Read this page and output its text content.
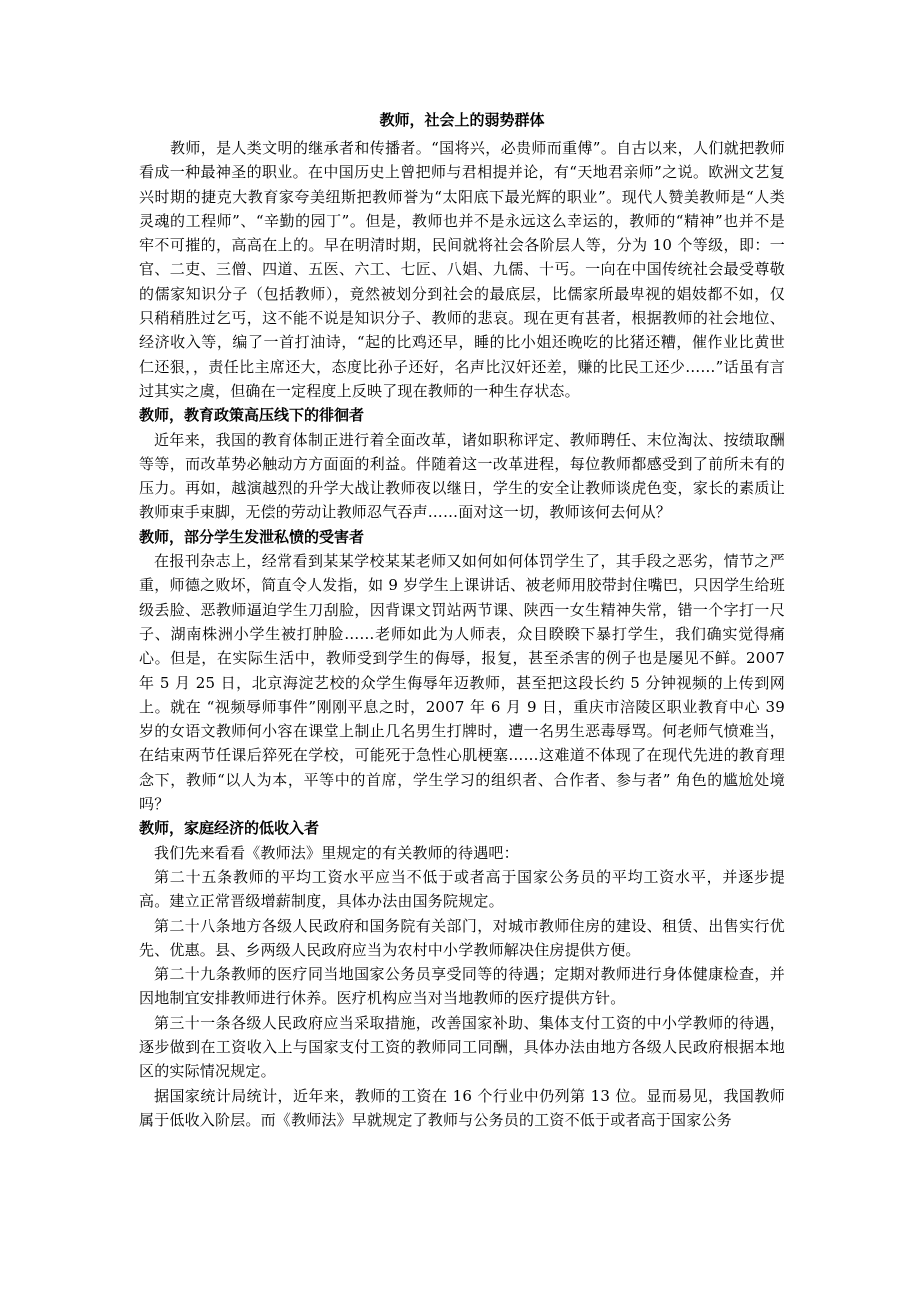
教师，社会上的弱势群体

教师，是人类文明的继承者和传播者。“国将兴，必贵师而重傅”。自古以来，人们就把教师看成一种最神圣的职业。在中国历史上曾把师与君相提并论，有“天地君亲师”之说。欧洲文艺复兴时期的捷克大教育家夸美纽斯把教师誉为“太阳底下最光辉的职业”。现代人赞美教师是“人类灵魂的工程师”、“辛勤的园丁”。但是，教师也并不是永远这么幸运的，教师的“精神”也并不是牢不可摧的，高高在上的。早在明清时期，民间就将社会各阶层人等，分为 10 个等级，即：一官、二吏、三僧、四道、五医、六工、七匠、八娼、九儒、十丐。一向在中国传统社会最受尊敬的儒家知识分子（包括教师），竟然被划分到社会的最底层，比儒家所最卑视的娼妓都不如，仅只稍稍胜过乞丐，这不能不说是知识分子、教师的悲哀。现在更有甚者，根据教师的社会地位、经济收入等，编了一首打油诗，“起的比鸡还早，睡的比小姐还晚吃的比猪还糟，催作业比黄世仁还狠，，责任比主席还大，态度比孙子还好，名声比汉奸还差，赚的比民工还少……”话虽有言过其实之虞，但确在一定程度上反映了现在教师的一种生存状态。

教师，教育政策高压线下的徘徊者

近年来，我国的教育体制正进行着全面改革，诸如职称评定、教师聘任、末位淘汰、按绩取酬等等，而改革势必触动方方面面的利益。伴随着这一改革进程，每位教师都感受到了前所未有的压力。再如，越演越烈的升学大战让教师夜以继日，学生的安全让教师谈虎色变，家长的素质让教师束手束脚，无偿的劳动让教师忍气吞声……面对这一切，教师该何去何从？

教师，部分学生发泄私愤的受害者

在报刊杂志上，经常看到某某学校某某老师又如何如何体罚学生了，其手段之恶劣，情节之严重，师德之败坏，简直令人发指，如 9 岁学生上课讲话、被老师用胶带封住嘴巴，只因学生给班级丢脸、恶教师逼迫学生刀刮脸，因背课文罚站两节课、陕西一女生精神失常，错一个字打一尺子、湖南株洲小学生被打肿脸……老师如此为人师表，众目睽睽下暴打学生，我们确实觉得痛心。但是，在实际生活中，教师受到学生的侮辱，报复，甚至杀害的例子也是屡见不鲜。2007 年 5 月 25 日，北京海淀艺校的众学生侮辱年迈教师，甚至把这段长约 5 分钟视频的上传到网上。就在 “视频辱师事件”刚刚平息之时，2007 年 6 月 9 日，重庆市涪陵区职业教育中心 39 岁的女语文教师何小容在课堂上制止几名男生打牌时，遭一名男生恶毒辱骂。何老师气愤难当，在结束两节任课后猝死在学校，可能死于急性心肌梗塞……这难道不体现了在现代先进的教育理念下，教师“以人为本，平等中的首席，学生学习的组织者、合作者、参与者” 角色的尴尬处境吗？

教师，家庭经济的低收入者

我们先来看看《教师法》里规定的有关教师的待遇吧：

第二十五条教师的平均工资水平应当不低于或者高于国家公务员的平均工资水平，并逐步提高。建立正常晋级增薪制度，具体办法由国务院规定。

第二十八条地方各级人民政府和国务院有关部门，对城市教师住房的建设、租赁、出售实行优先、优惠。县、乡两级人民政府应当为农村中小学教师解决住房提供方便。

第二十九条教师的医疗同当地国家公务员享受同等的待遇；定期对教师进行身体健康检查，并因地制宜安排教师进行休养。医疗机构应当对当地教师的医疗提供方针。

第三十一条各级人民政府应当采取措施，改善国家补助、集体支付工资的中小学教师的待遇，逐步做到在工资收入上与国家支付工资的教师同工同酬，具体办法由地方各级人民政府根据本地区的实际情况规定。

据国家统计局统计，近年来，教师的工资在 16 个行业中仍列第 13 位。显而易见，我国教师属于低收入阶层。而《教师法》早就规定了教师与公务员的工资不低于或者高于国家公务
